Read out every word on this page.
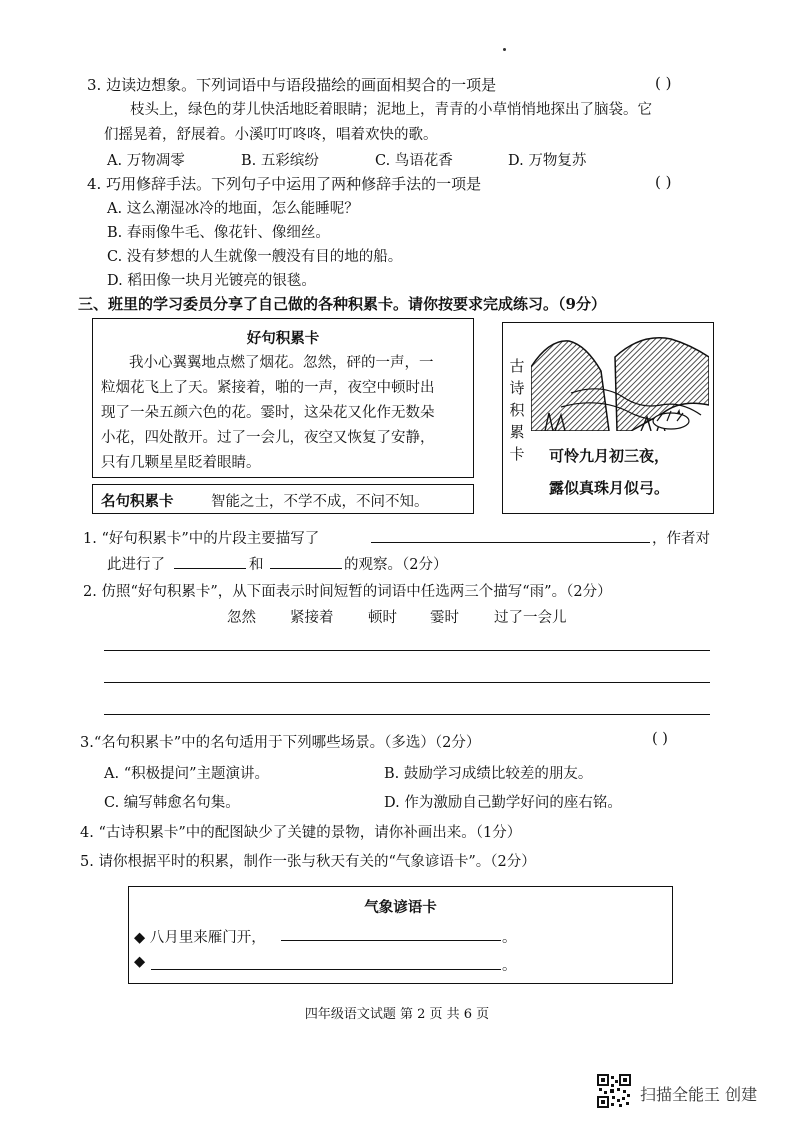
3. 边读边想象。下列词语中与语段描绘的画面相契合的一项是	( )
枝头上，绿色的芽儿快活地眨着眼睛；泥地上，青青的小草悄悄地探出了脑袋。它
们摇晃着，舒展着。小溪叮叮咚咚，唱着欢快的歌。
A. 万物凋零	B. 五彩缤纷	C. 鸟语花香	D. 万物复苏
4. 巧用修辞手法。下列句子中运用了两种修辞手法的一项是	( )
A. 这么潮湿冰冷的地面，怎么能睡呢？
B. 春雨像牛毛、像花针、像细丝。
C. 没有梦想的人生就像一艘没有目的地的船。
D. 稻田像一块月光镀亮的银毯。
三、班里的学习委员分享了自己做的各种积累卡。请你按要求完成练习。（9分）
好句积累卡
我小心翼翼地点燃了烟花。忽然，砰的一声，一
粒烟花飞上了天。紧接着，啪的一声，夜空中顿时出
现了一朵五颜六色的花。霎时，这朵花又化作无数朵
小花，四处散开。过了一会儿，夜空又恢复了安静，
只有几颗星星眨着眼睛。
名句积累卡	智能之士，不学不成，不问不知。
古
诗
积
累
卡 可怜九月初三夜，
露似真珠月似弓。
1. “好句积累卡”中的片段主要描写了	，作者对
此进行了	和	的观察。（2分）
2. 仿照“好句积累卡”，从下面表示时间短暂的词语中任选两三个描写“雨”。（2分）
忽然 紧接着 顿时 霎时 过了一会儿
3.“名句积累卡”中的名句适用于下列哪些场景。（多选）（2分）	( )
A. “积极提问”主题演讲。	B. 鼓励学习成绩比较差的朋友。
C. 编写韩愈名句集。	D. 作为激励自己勤学好问的座右铭。
4. “古诗积累卡”中的配图缺少了关键的景物，请你补画出来。（1分）
5. 请你根据平时的积累，制作一张与秋天有关的“气象谚语卡”。（2分）
气象谚语卡
◆ 八月里来雁门开，	。
◆	。
四年级语文试题 第 2 页 共 6 页
扫描全能王 创建
